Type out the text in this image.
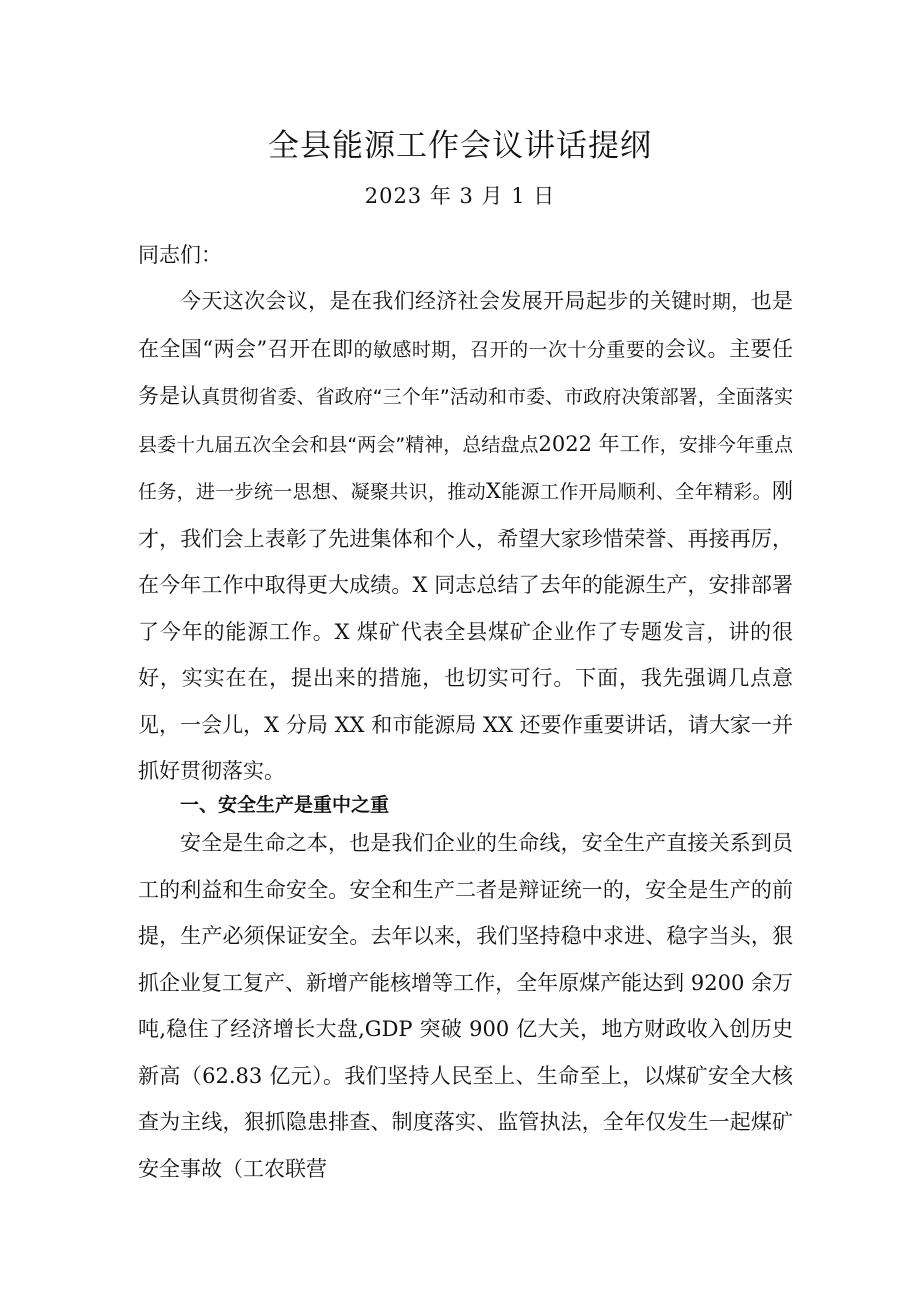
全县能源工作会议讲话提纲
2023 年 3 月 1 日

同志们：

今天这次会议，是在我们经济社会发展开局起步的关键时期，也是在全国“两会”召开在即的敏感时期，召开的一次十分重要的会议。主要任务是认真贯彻省委、省政府“三个年”活动和市委、市政府决策部署，全面落实县委十九届五次全会和县“两会”精神，总结盘点2022 年工作，安排今年重点任务，进一步统一思想、凝聚共识，推动X能源工作开局顺利、全年精彩。刚才，我们会上表彰了先进集体和个人，希望大家珍惜荣誉、再接再厉，在今年工作中取得更大成绩。X 同志总结了去年的能源生产，安排部署了今年的能源工作。X 煤矿代表全县煤矿企业作了专题发言，讲的很好，实实在在，提出来的措施，也切实可行。下面，我先强调几点意见，一会儿，X 分局 XX 和市能源局 XX 还要作重要讲话，请大家一并抓好贯彻落实。

一、安全生产是重中之重

安全是生命之本，也是我们企业的生命线，安全生产直接关系到员工的利益和生命安全。安全和生产二者是辩证统一的，安全是生产的前提，生产必须保证安全。去年以来，我们坚持稳中求进、稳字当头，狠抓企业复工复产、新增产能核增等工作，全年原煤产能达到 9200 余万吨,稳住了经济增长大盘,GDP 突破 900 亿大关，地方财政收入创历史新高（62.83 亿元）。我们坚持人民至上、生命至上，以煤矿安全大核查为主线，狠抓隐患排查、制度落实、监管执法，全年仅发生一起煤矿安全事故（工农联营
